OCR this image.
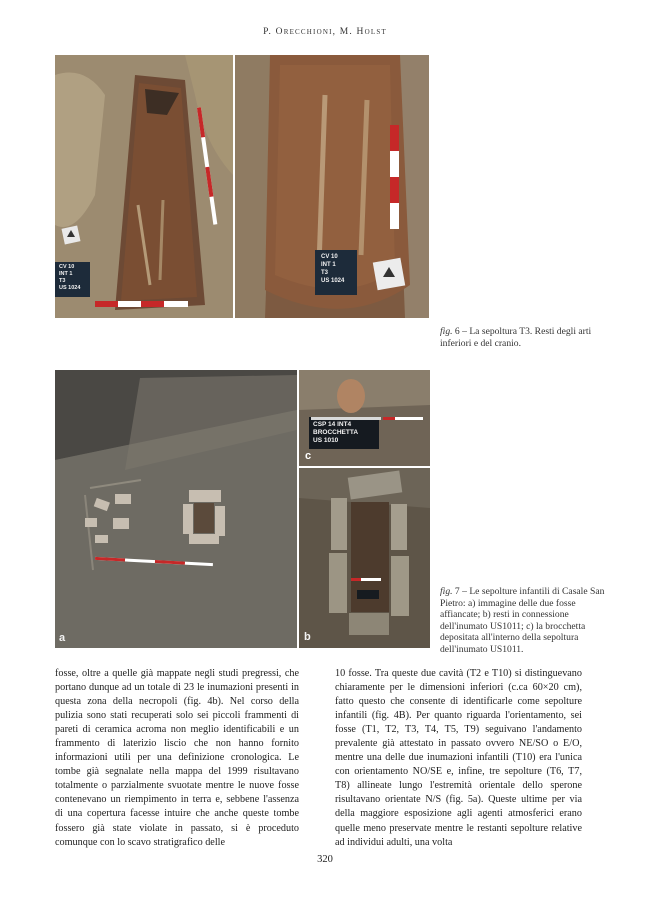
P. Orecchioni, M. Holst
CV 10
INT 1
T3
US 1024
CV 10
INT 1
T3
US 1024
fig. 6 – La sepoltura T3. Resti degli arti inferiori e del cranio.
a
CSP 14 INT4
BROCCHETTA
US 1010
c
b
fig. 7 – Le sepolture infantili di Casale San Pietro: a) immagine delle due fosse affiancate; b) resti in connessione dell'inumato US1011; c) la brocchetta depositata all'interno della sepoltura dell'inumato US1011.

fosse, oltre a quelle già mappate negli studi pregressi, che portano dunque ad un totale di 23 le inumazioni presenti in questa zona della necropoli (fig. 4b). Nel corso della pulizia sono stati recuperati solo sei piccoli frammenti di pareti di ceramica acroma non meglio identificabili e un frammento di laterizio liscio che non hanno fornito informazioni utili per una definizione cronologica. Le tombe già segnalate nella mappa del 1999 risultavano totalmente o parzialmente svuotate mentre le nuove fosse contenevano un riempimento in terra e, sebbene l'assenza di una copertura facesse intuire che anche queste tombe fossero già state violate in passato, si è proceduto comunque con lo scavo stratigrafico delle

10 fosse. Tra queste due cavità (T2 e T10) si distinguevano chiaramente per le dimensioni inferiori (c.ca 60×20 cm), fatto questo che consente di identificarle come sepolture infantili (fig. 4B). Per quanto riguarda l'orientamento, sei fosse (T1, T2, T3, T4, T5, T9) seguivano l'andamento prevalente già attestato in passato ovvero NE/SO o E/O, mentre una delle due inumazioni infantili (T10) era l'unica con orientamento NO/SE e, infine, tre sepolture (T6, T7, T8) allineate lungo l'estremità orientale dello sperone risultavano orientate N/S (fig. 5a). Queste ultime per via della maggiore esposizione agli agenti atmosferici erano quelle meno preservate mentre le restanti sepolture relative ad individui adulti, una volta

320
